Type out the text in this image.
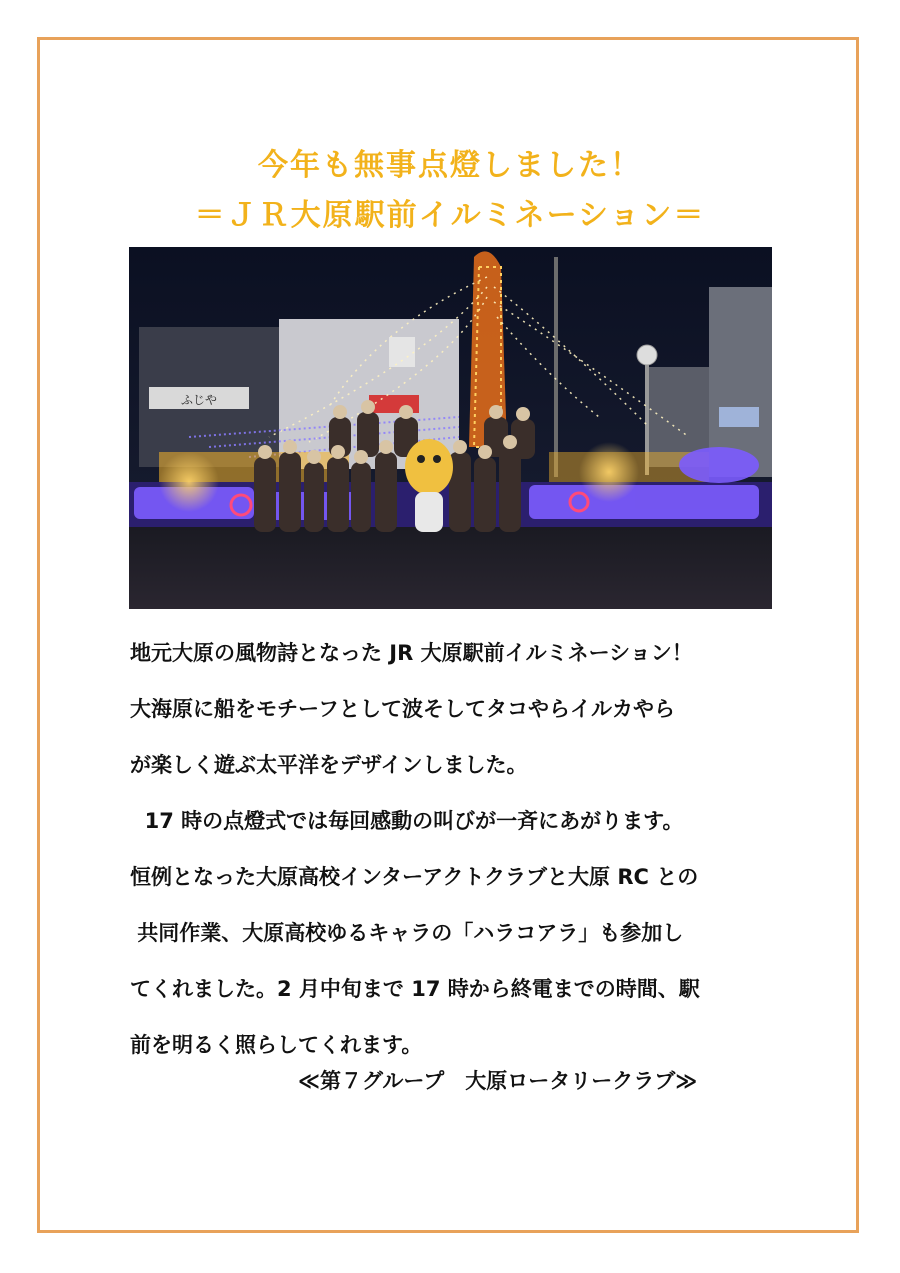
今年も無事点燈しました！
＝ＪＲ大原駅前イルミネーション＝
ふじや

地元大原の風物詩となった JR 大原駅前イルミネーション！

大海原に船をモチーフとして波そしてタコやらイルカやら

が楽しく遊ぶ太平洋をデザインしました。

17 時の点燈式では毎回感動の叫びが一斉にあがります。

恒例となった大原高校インターアクトクラブと大原 RC との

共同作業、大原高校ゆるキャラの「ハラコアラ」も参加し

てくれました。2 月中旬まで 17 時から終電までの時間、駅

前を明るく照らしてくれます。

≪第７グループ　大原ロータリークラブ≫
